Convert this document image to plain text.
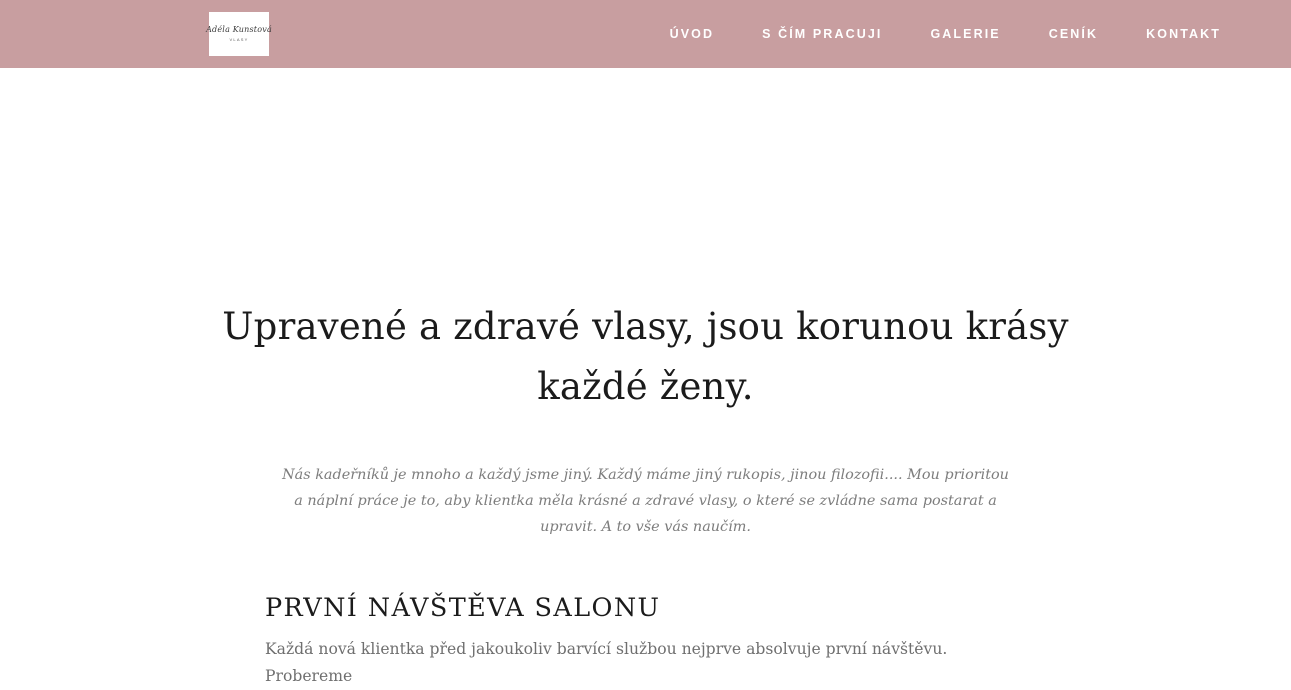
Adéla Kunstová
VLASY	ÚVOD	S ČÍM PRACUJI	GALERIE	CENÍK	KONTAKT
Upravené a zdravé vlasy, jsou korunou krásy každé ženy.

Nás kadeřníků je mnoho a každý jsme jiný. Každý máme jiný rukopis, jinou filozofii.... Mou prioritou a náplní práce je to, aby klientka měla krásné a zdravé vlasy, o které se zvládne sama postarat a upravit. A to vše vás naučím.

PRVNÍ NÁVŠTĚVA SALONU

Každá nová klientka před jakoukoliv barvící službou nejprve absolvuje první návštěvu. Probereme
